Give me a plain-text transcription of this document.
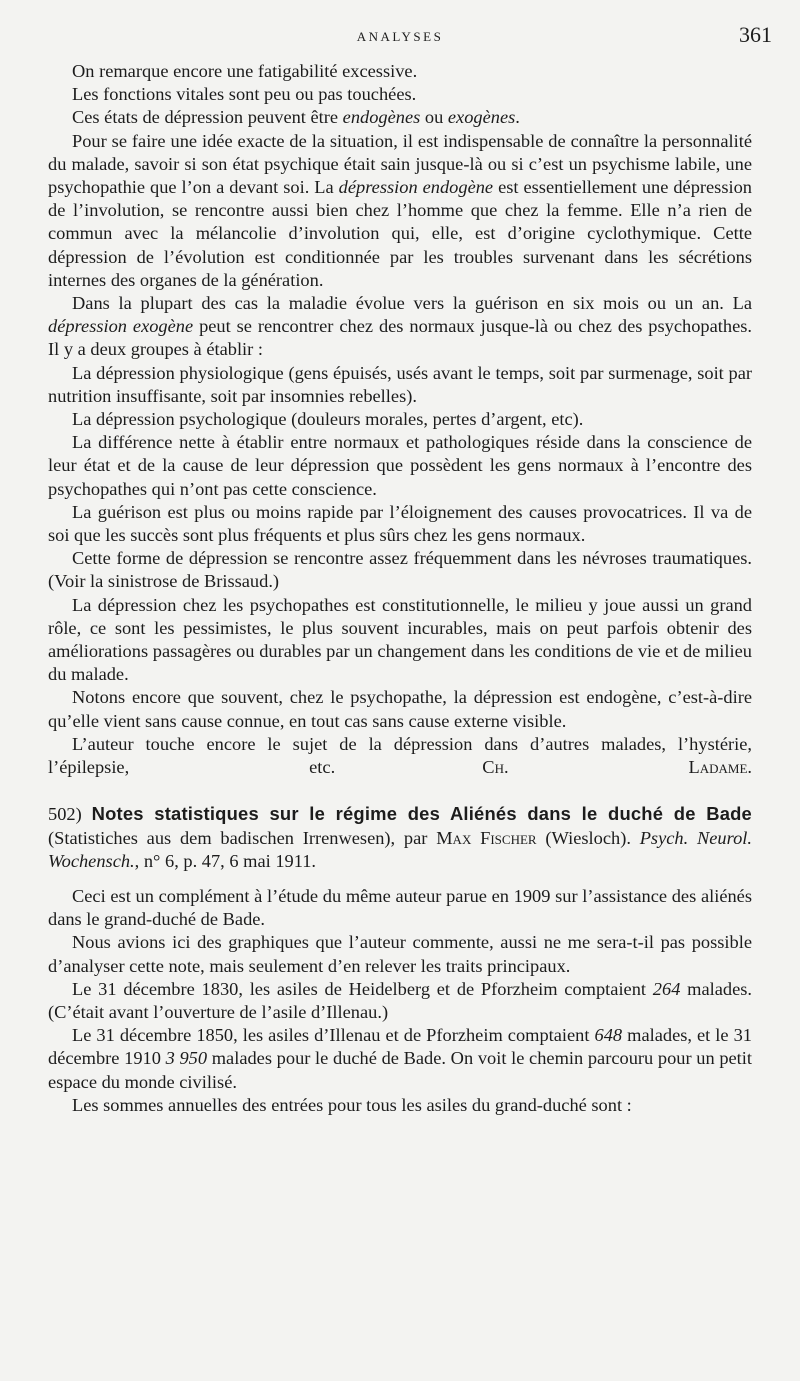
ANALYSES	361

On remarque encore une fatigabilité excessive.

Les fonctions vitales sont peu ou pas touchées.

Ces états de dépression peuvent être endogènes ou exogènes.

Pour se faire une idée exacte de la situation, il est indispensable de connaître la personnalité du malade, savoir si son état psychique était sain jusque-là ou si c’est un psychisme labile, une psychopathie que l’on a devant soi. La dépression endogène est essentiellement une dépression de l’involution, se rencontre aussi bien chez l’homme que chez la femme. Elle n’a rien de commun avec la mélancolie d’involution qui, elle, est d’origine cyclothymique. Cette dépression de l’évolution est conditionnée par les troubles survenant dans les sécrétions internes des organes de la génération.

Dans la plupart des cas la maladie évolue vers la guérison en six mois ou un an. La dépression exogène peut se rencontrer chez des normaux jusque-là ou chez des psychopathes. Il y a deux groupes à établir :

La dépression physiologique (gens épuisés, usés avant le temps, soit par surmenage, soit par nutrition insuffisante, soit par insomnies rebelles).

La dépression psychologique (douleurs morales, pertes d’argent, etc).

La différence nette à établir entre normaux et pathologiques réside dans la conscience de leur état et de la cause de leur dépression que possèdent les gens normaux à l’encontre des psychopathes qui n’ont pas cette conscience.

La guérison est plus ou moins rapide par l’éloignement des causes provocatrices. Il va de soi que les succès sont plus fréquents et plus sûrs chez les gens normaux.

Cette forme de dépression se rencontre assez fréquemment dans les névroses traumatiques. (Voir la sinistrose de Brissaud.)

La dépression chez les psychopathes est constitutionnelle, le milieu y joue aussi un grand rôle, ce sont les pessimistes, le plus souvent incurables, mais on peut parfois obtenir des améliorations passagères ou durables par un changement dans les conditions de vie et de milieu du malade.

Notons encore que souvent, chez le psychopathe, la dépression est endogène, c’est-à-dire qu’elle vient sans cause connue, en tout cas sans cause externe visible.

L’auteur touche encore le sujet de la dépression dans d’autres malades, l’hystérie, l’épilepsie, etc.        	Ch. Ladame.

502) Notes statistiques sur le régime des Aliénés dans le duché de Bade (Statistiches aus dem badischen Irrenwesen), par Max Fischer (Wiesloch). Psych. Neurol. Wochensch., n° 6, p. 47, 6 mai 1911.

Ceci est un complément à l’étude du même auteur parue en 1909 sur l’assistance des aliénés dans le grand-duché de Bade.

Nous avions ici des graphiques que l’auteur commente, aussi ne me sera-t-il pas possible d’analyser cette note, mais seulement d’en relever les traits principaux.

Le 31 décembre 1830, les asiles de Heidelberg et de Pforzheim comptaient 264 malades. (C’était avant l’ouverture de l’asile d’Illenau.)

Le 31 décembre 1850, les asiles d’Illenau et de Pforzheim comptaient 648 malades, et le 31 décembre 1910 3 950 malades pour le duché de Bade. On voit le chemin parcouru pour un petit espace du monde civilisé.

Les sommes annuelles des entrées pour tous les asiles du grand-duché sont :
